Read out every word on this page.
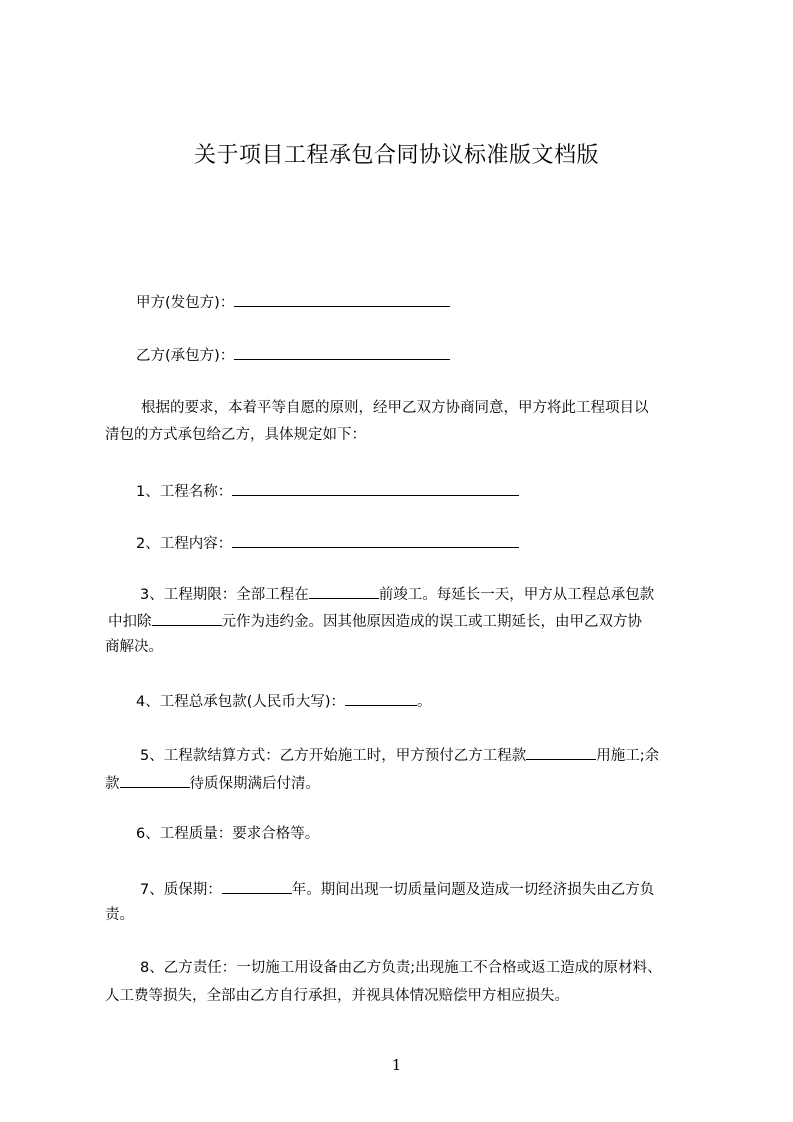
关于项目工程承包合同协议标准版文档版
甲方(发包方)：
乙方(承包方)：
根据的要求，本着平等自愿的原则，经甲乙双方协商同意，甲方将此工程项目以
清包的方式承包给乙方，具体规定如下：
1、工程名称：
2、工程内容：
3、工程期限：全部工程在	前竣工。每延长一天，甲方从工程总承包款
中扣除	元作为违约金。因其他原因造成的误工或工期延长，由甲乙双方协
商解决。
4、工程总承包款(人民币大写)：	。
5、工程款结算方式：乙方开始施工时，甲方预付乙方工程款	用施工;余
款	待质保期满后付清。
6、工程质量：要求合格等。
7、质保期：	年。期间出现一切质量问题及造成一切经济损失由乙方负
责。
8、乙方责任：一切施工用设备由乙方负责;出现施工不合格或返工造成的原材料、
人工费等损失，全部由乙方自行承担，并视具体情况赔偿甲方相应损失。
1
